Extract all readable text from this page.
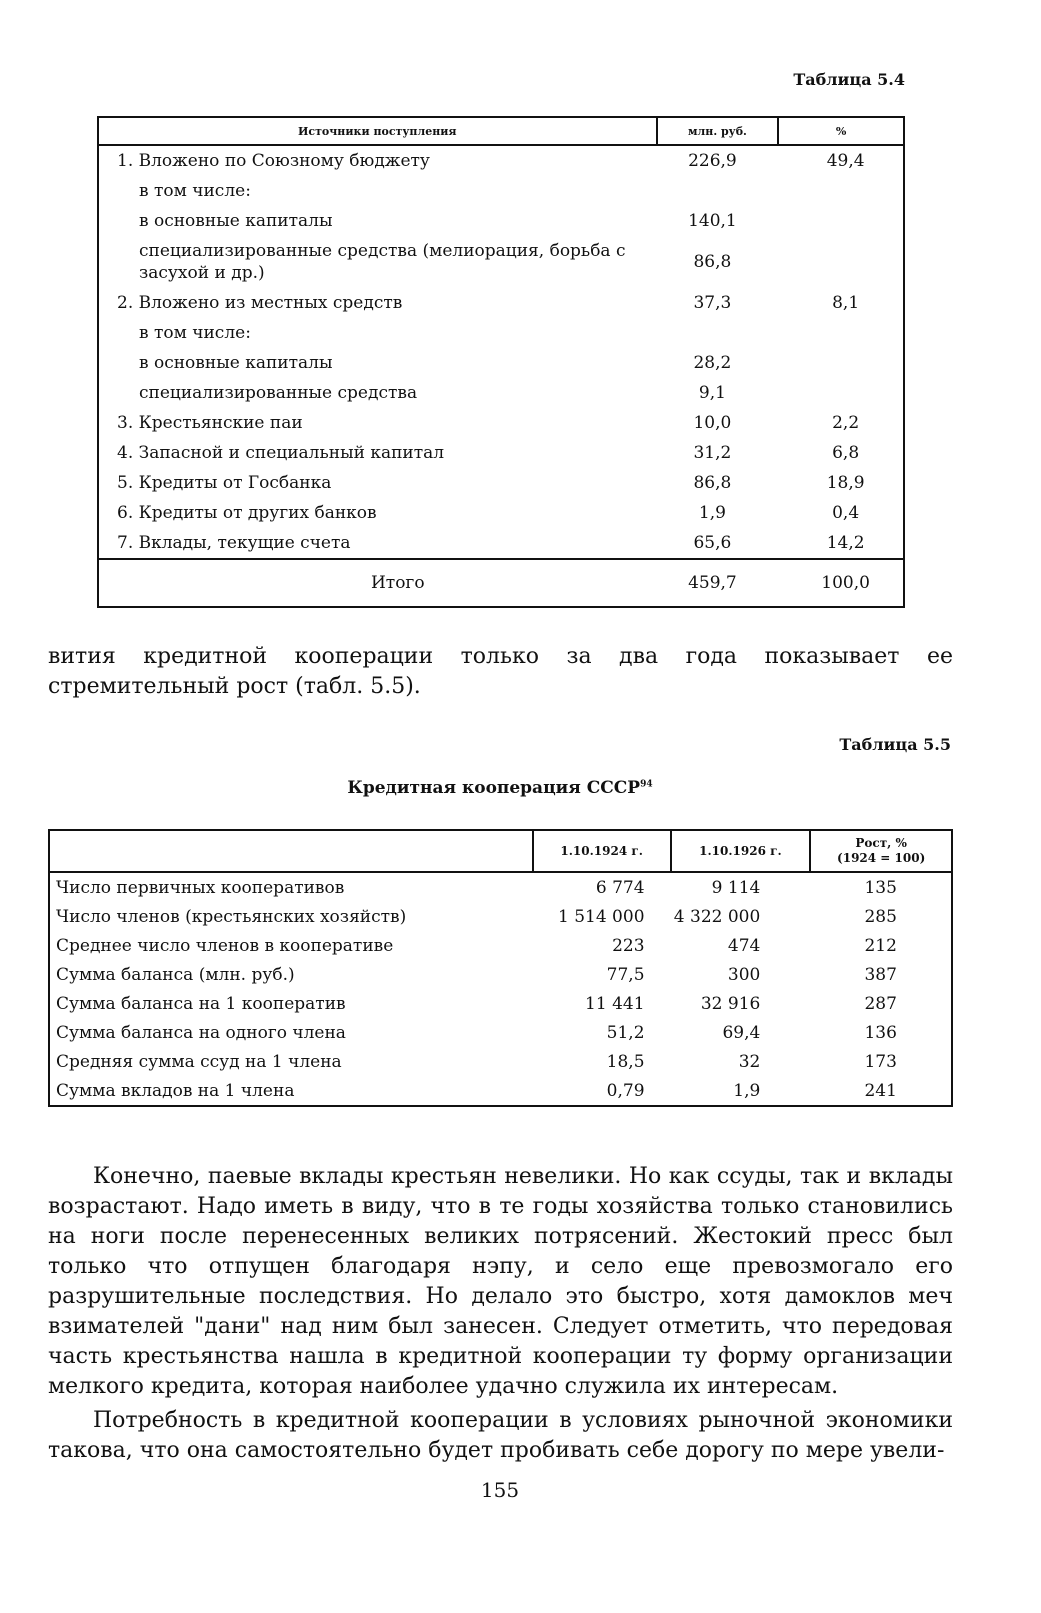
Таблица 5.4
Источники поступления	млн. руб.	%
1. Вложено по Союзному бюджету	226,9	49,4
в том числе:		
в основные капиталы	140,1	
специализированные средства (мелиорация, борьба с засухой и др.)	86,8	
2. Вложено из местных средств	37,3	8,1
в том числе:		
в основные капиталы	28,2	
специализированные средства	9,1	
3. Крестьянские паи	10,0	2,2
4. Запасной и специальный капитал	31,2	6,8
5. Кредиты от Госбанка	86,8	18,9
6. Кредиты от других банков	1,9	0,4
7. Вклады, текущие счета	65,6	14,2
Итого	459,7	100,0
вития кредитной кооперации только за два года показывает ее стремительный рост (табл. 5.5).
Таблица 5.5
Кредитная кооперация СССР$^{94}$
	1.10.1924 г.	1.10.1926 г.	Рост, %
(1924 = 100)
Число первичных кооперативов	6 774	9 114	135
Число членов (крестьянских хозяйств)	1 514 000	4 322 000	285
Среднее число членов в кооперативе	223	474	212
Сумма баланса (млн. руб.)	77,5	300	387
Сумма баланса на 1 кооператив	11 441	32 916	287
Сумма баланса на одного члена	51,2	69,4	136
Средняя сумма ссуд на 1 члена	18,5	32	173
Сумма вкладов на 1 члена	0,79	1,9	241
Конечно, паевые вклады крестьян невелики. Но как ссуды, так и вклады возрастают. Надо иметь в виду, что в те годы хозяйства только становились на ноги после перенесенных великих потрясений. Жестокий пресс был только что отпущен благодаря нэпу, и село еще превозмогало его разрушительные последствия. Но делало это быстро, хотя дамоклов меч взимателей "дани" над ним был занесен. Следует отметить, что передовая часть крестьянства нашла в кредитной кооперации ту форму организации мелкого кредита, которая наиболее удачно служила их интересам.
Потребность в кредитной кооперации в условиях рыночной экономики такова, что она самостоятельно будет пробивать себе дорогу по мере увели-
155
